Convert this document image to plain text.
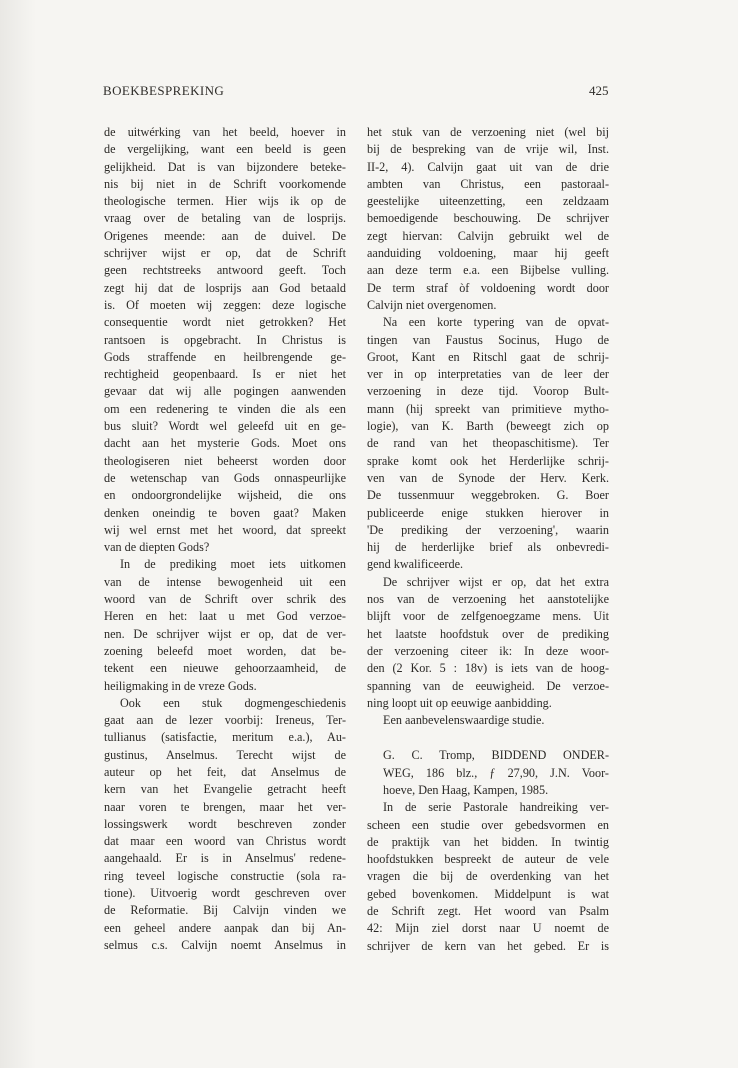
BOEKBESPREKING	425
de uitwérking van het beeld, hoever in
de vergelijking, want een beeld is geen
gelijkheid. Dat is van bijzondere beteke-
nis bij niet in de Schrift voorkomende
theologische termen. Hier wijs ik op de
vraag over de betaling van de losprijs.
Origenes meende: aan de duivel. De
schrijver wijst er op, dat de Schrift
geen rechtstreeks antwoord geeft. Toch
zegt hij dat de losprijs aan God betaald
is. Of moeten wij zeggen: deze logische
consequentie wordt niet getrokken? Het
rantsoen is opgebracht. In Christus is
Gods straffende en heilbrengende ge-
rechtigheid geopenbaard. Is er niet het
gevaar dat wij alle pogingen aanwenden
om een redenering te vinden die als een
bus sluit? Wordt wel geleefd uit en ge-
dacht aan het mysterie Gods. Moet ons
theologiseren niet beheerst worden door
de wetenschap van Gods onnaspeurlijke
en ondoorgrondelijke wijsheid, die ons
denken oneindig te boven gaat? Maken
wij wel ernst met het woord, dat spreekt
van de diepten Gods?
In de prediking moet iets uitkomen
van de intense bewogenheid uit een
woord van de Schrift over schrik des
Heren en het: laat u met God verzoe-
nen. De schrijver wijst er op, dat de ver-
zoening beleefd moet worden, dat be-
tekent een nieuwe gehoorzaamheid, de
heiligmaking in de vreze Gods.
Ook een stuk dogmengeschiedenis
gaat aan de lezer voorbij: Ireneus, Ter-
tullianus (satisfactie, meritum e.a.), Au-
gustinus, Anselmus. Terecht wijst de
auteur op het feit, dat Anselmus de
kern van het Evangelie getracht heeft
naar voren te brengen, maar het ver-
lossingswerk wordt beschreven zonder
dat maar een woord van Christus wordt
aangehaald. Er is in Anselmus' redene-
ring teveel logische constructie (sola ra-
tione). Uitvoerig wordt geschreven over
de Reformatie. Bij Calvijn vinden we
een geheel andere aanpak dan bij An-
selmus c.s. Calvijn noemt Anselmus in
het stuk van de verzoening niet (wel bij
bij de bespreking van de vrije wil, Inst.
II-2, 4). Calvijn gaat uit van de drie
ambten van Christus, een pastoraal-
geestelijke uiteenzetting, een zeldzaam
bemoedigende beschouwing. De schrijver
zegt hiervan: Calvijn gebruikt wel de
aanduiding voldoening, maar hij geeft
aan deze term e.a. een Bijbelse vulling.
De term straf òf voldoening wordt door
Calvijn niet overgenomen.
Na een korte typering van de opvat-
tingen van Faustus Socinus, Hugo de
Groot, Kant en Ritschl gaat de schrij-
ver in op interpretaties van de leer der
verzoening in deze tijd. Voorop Bult-
mann (hij spreekt van primitieve mytho-
logie), van K. Barth (beweegt zich op
de rand van het theopaschitisme). Ter
sprake komt ook het Herderlijke schrij-
ven van de Synode der Herv. Kerk.
De tussenmuur weggebroken. G. Boer
publiceerde enige stukken hierover in
'De prediking der verzoening', waarin
hij de herderlijke brief als onbevredi-
gend kwalificeerde.
De schrijver wijst er op, dat het extra
nos van de verzoening het aanstotelijke
blijft voor de zelfgenoegzame mens. Uit
het laatste hoofdstuk over de prediking
der verzoening citeer ik: In deze woor-
den (2 Kor. 5 : 18v) is iets van de hoog-
spanning van de eeuwigheid. De verzoe-
ning loopt uit op eeuwige aanbidding.
Een aanbevelenswaardige studie.
G. C. Tromp, BIDDEND ONDER-
WEG, 186 blz., ƒ 27,90, J.N. Voor-
hoeve, Den Haag, Kampen, 1985.
In de serie Pastorale handreiking ver-
scheen een studie over gebedsvormen en
de praktijk van het bidden. In twintig
hoofdstukken bespreekt de auteur de vele
vragen die bij de overdenking van het
gebed bovenkomen. Middelpunt is wat
de Schrift zegt. Het woord van Psalm
42: Mijn ziel dorst naar U noemt de
schrijver de kern van het gebed. Er is
